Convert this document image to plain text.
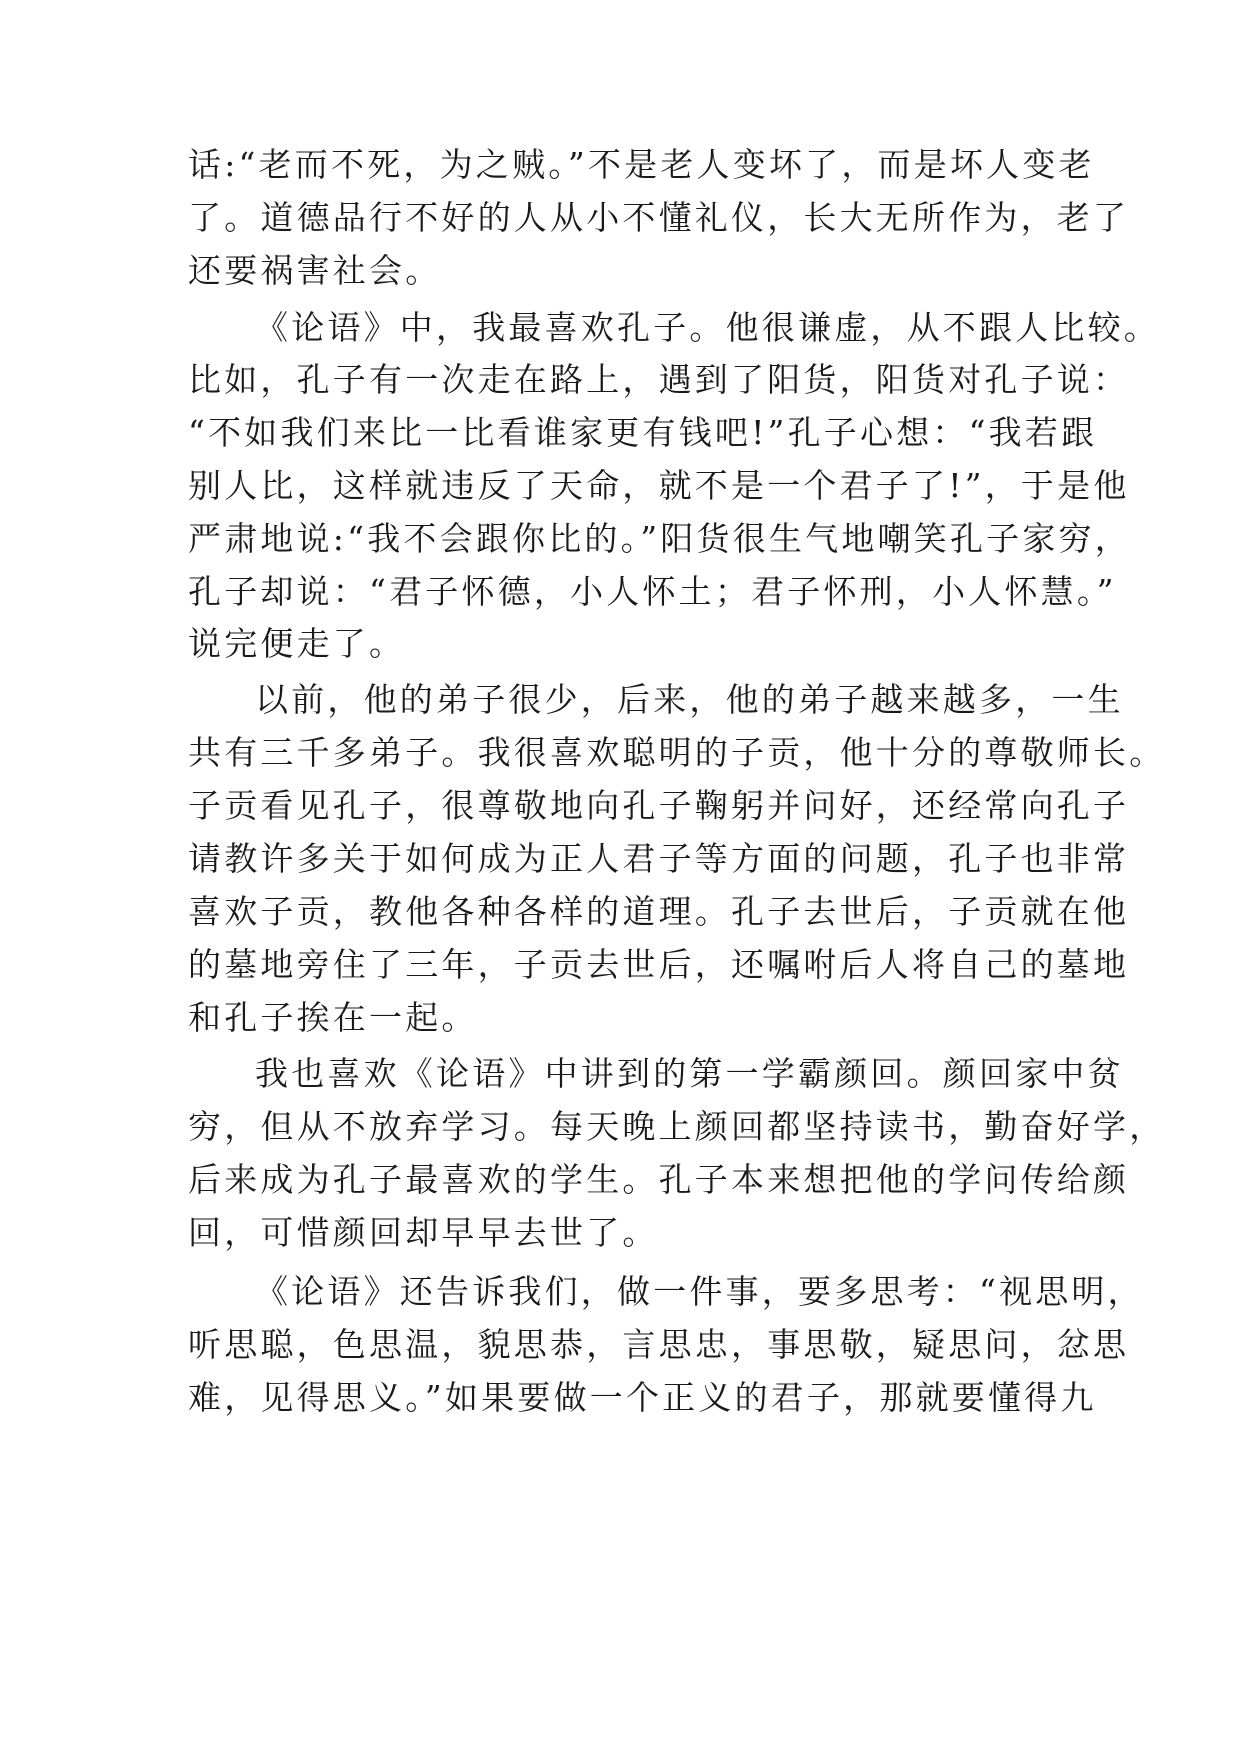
话:“老而不死，为之贼。”不是老人变坏了，而是坏人变老
了。道德品行不好的人从小不懂礼仪，长大无所作为，老了
还要祸害社会。
《论语》中，我最喜欢孔子。他很谦虚，从不跟人比较。
比如，孔子有一次走在路上，遇到了阳货，阳货对孔子说：
“不如我们来比一比看谁家更有钱吧!”孔子心想：“我若跟
别人比，这样就违反了天命，就不是一个君子了!”，于是他
严肃地说:“我不会跟你比的。”阳货很生气地嘲笑孔子家穷，
孔子却说：“君子怀德，小人怀土；君子怀刑，小人怀慧。”
说完便走了。
以前，他的弟子很少，后来，他的弟子越来越多，一生
共有三千多弟子。我很喜欢聪明的子贡，他十分的尊敬师长。
子贡看见孔子，很尊敬地向孔子鞠躬并问好，还经常向孔子
请教许多关于如何成为正人君子等方面的问题，孔子也非常
喜欢子贡，教他各种各样的道理。孔子去世后，子贡就在他
的墓地旁住了三年，子贡去世后，还嘱咐后人将自己的墓地
和孔子挨在一起。
我也喜欢《论语》中讲到的第一学霸颜回。颜回家中贫
穷，但从不放弃学习。每天晚上颜回都坚持读书，勤奋好学，
后来成为孔子最喜欢的学生。孔子本来想把他的学问传给颜
回，可惜颜回却早早去世了。
《论语》还告诉我们，做一件事，要多思考：“视思明，
听思聪，色思温，貌思恭，言思忠，事思敬，疑思问，忿思
难，见得思义。”如果要做一个正义的君子，那就要懂得九
